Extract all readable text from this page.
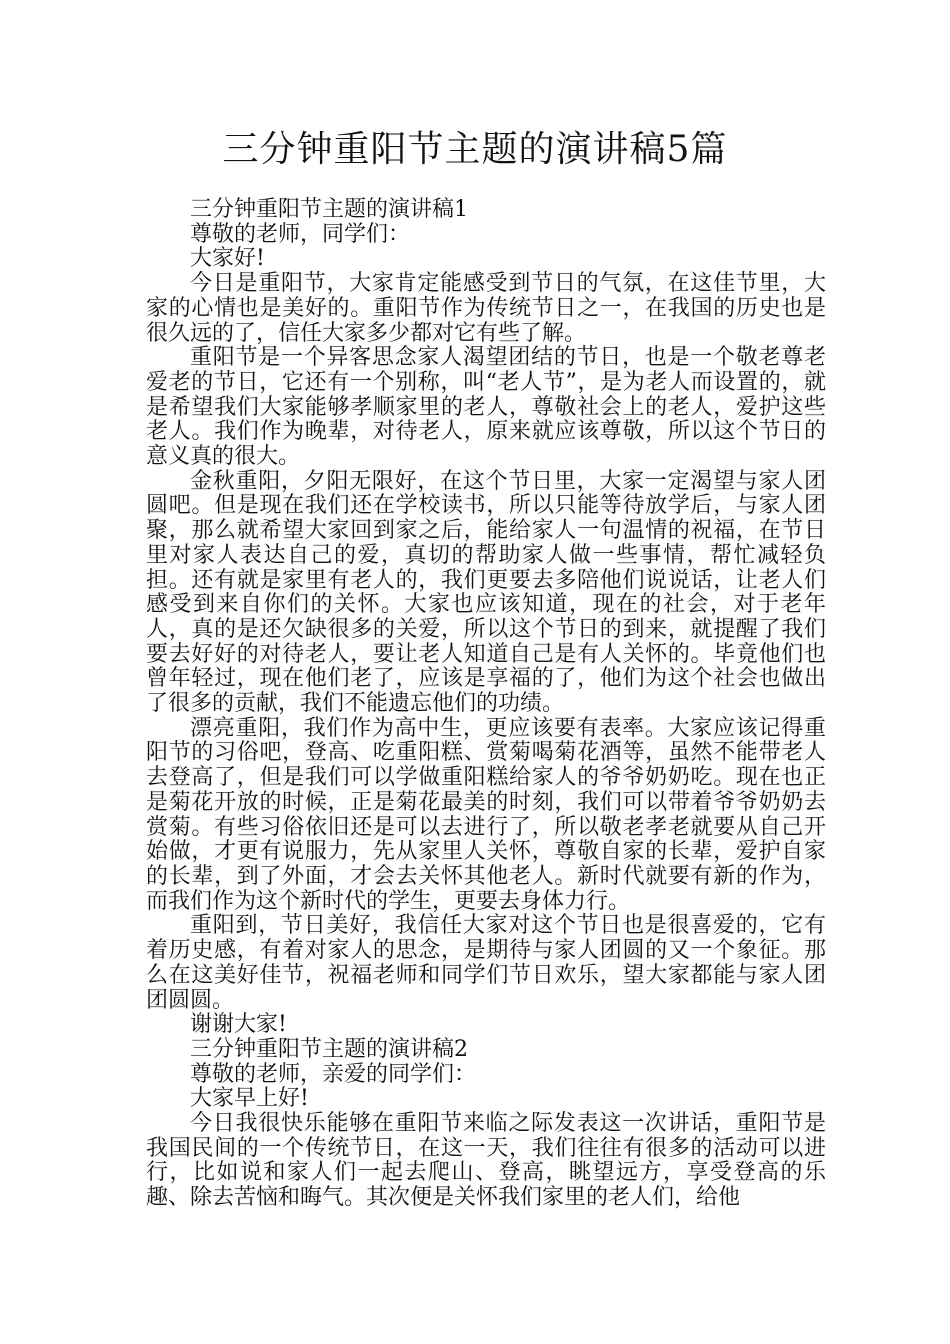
三分钟重阳节主题的演讲稿5篇

三分钟重阳节主题的演讲稿1

尊敬的老师，同学们：

大家好!

今日是重阳节，大家肯定能感受到节日的气氛，在这佳节里，大家的心情也是美好的。重阳节作为传统节日之一，在我国的历史也是很久远的了，信任大家多少都对它有些了解。

重阳节是一个异客思念家人渴望团结的节日，也是一个敬老尊老爱老的节日，它还有一个别称，叫“老人节”，是为老人而设置的，就是希望我们大家能够孝顺家里的老人，尊敬社会上的老人，爱护这些老人。我们作为晚辈，对待老人，原来就应该尊敬，所以这个节日的意义真的很大。

金秋重阳，夕阳无限好，在这个节日里，大家一定渴望与家人团圆吧。但是现在我们还在学校读书，所以只能等待放学后，与家人团聚，那么就希望大家回到家之后，能给家人一句温情的祝福，在节日里对家人表达自己的爱，真切的帮助家人做一些事情，帮忙减轻负担。还有就是家里有老人的，我们更要去多陪他们说说话，让老人们感受到来自你们的关怀。大家也应该知道，现在的社会，对于老年人，真的是还欠缺很多的关爱，所以这个节日的到来，就提醒了我们要去好好的对待老人，要让老人知道自己是有人关怀的。毕竟他们也曾年轻过，现在他们老了，应该是享福的了，他们为这个社会也做出了很多的贡献，我们不能遗忘他们的功绩。

漂亮重阳，我们作为高中生，更应该要有表率。大家应该记得重阳节的习俗吧，登高、吃重阳糕、赏菊喝菊花酒等，虽然不能带老人去登高了，但是我们可以学做重阳糕给家人的爷爷奶奶吃。现在也正是菊花开放的时候，正是菊花最美的时刻，我们可以带着爷爷奶奶去赏菊。有些习俗依旧还是可以去进行了，所以敬老孝老就要从自己开始做，才更有说服力，先从家里人关怀，尊敬自家的长辈，爱护自家的长辈，到了外面，才会去关怀其他老人。新时代就要有新的作为，而我们作为这个新时代的学生，更要去身体力行。

重阳到，节日美好，我信任大家对这个节日也是很喜爱的，它有着历史感，有着对家人的思念，是期待与家人团圆的又一个象征。那么在这美好佳节，祝福老师和同学们节日欢乐，望大家都能与家人团团圆圆。

谢谢大家!

三分钟重阳节主题的演讲稿2

尊敬的老师，亲爱的同学们：

大家早上好!

今日我很快乐能够在重阳节来临之际发表这一次讲话，重阳节是我国民间的一个传统节日，在这一天，我们往往有很多的活动可以进行，比如说和家人们一起去爬山、登高，眺望远方，享受登高的乐趣、除去苦恼和晦气。其次便是关怀我们家里的老人们，给他
